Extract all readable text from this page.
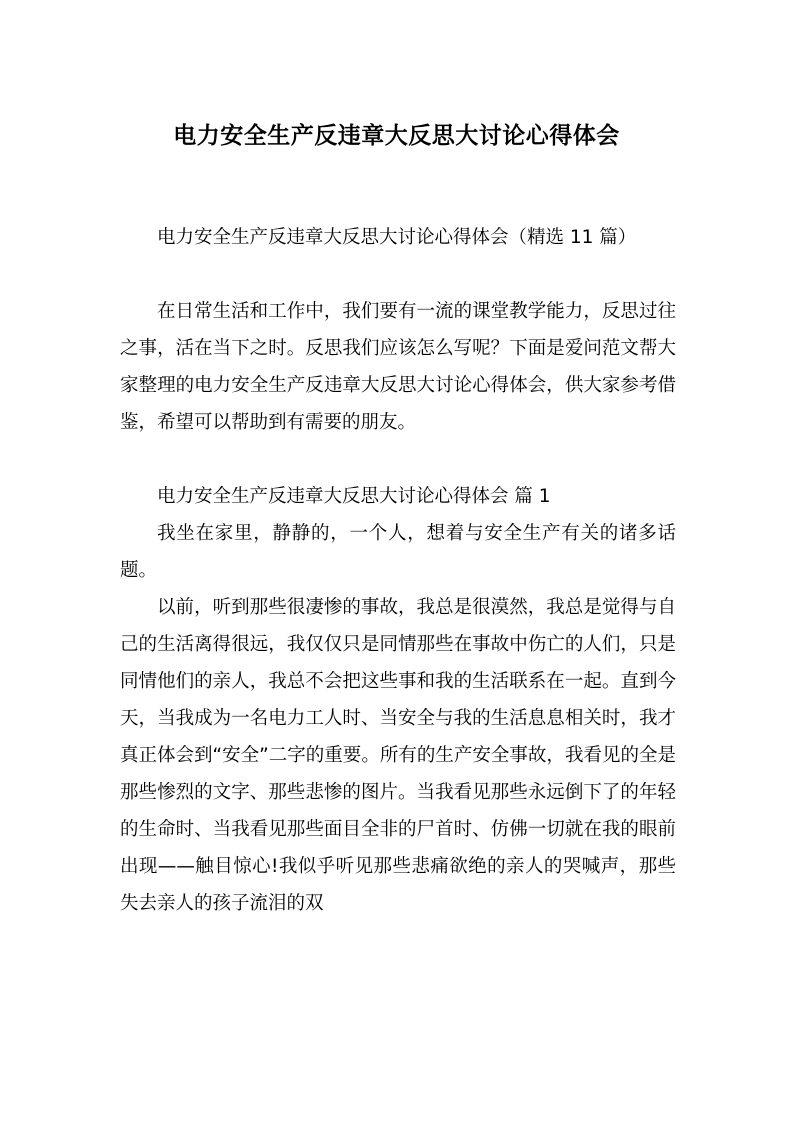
电力安全生产反违章大反思大讨论心得体会

电力安全生产反违章大反思大讨论心得体会（精选 11 篇）

在日常生活和工作中，我们要有一流的课堂教学能力，反思过往之事，活在当下之时。反思我们应该怎么写呢？下面是爱问范文帮大家整理的电力安全生产反违章大反思大讨论心得体会，供大家参考借鉴，希望可以帮助到有需要的朋友。

电力安全生产反违章大反思大讨论心得体会 篇 1

我坐在家里，静静的，一个人，想着与安全生产有关的诸多话题。

以前，听到那些很凄惨的事故，我总是很漠然，我总是觉得与自己的生活离得很远，我仅仅只是同情那些在事故中伤亡的人们，只是同情他们的亲人，我总不会把这些事和我的生活联系在一起。直到今天，当我成为一名电力工人时、当安全与我的生活息息相关时，我才真正体会到“安全”二字的重要。所有的生产安全事故，我看见的全是那些惨烈的文字、那些悲惨的图片。当我看见那些永远倒下了的年轻的生命时、当我看见那些面目全非的尸首时、仿佛一切就在我的眼前出现——触目惊心!我似乎听见那些悲痛欲绝的亲人的哭喊声，那些失去亲人的孩子流泪的双
